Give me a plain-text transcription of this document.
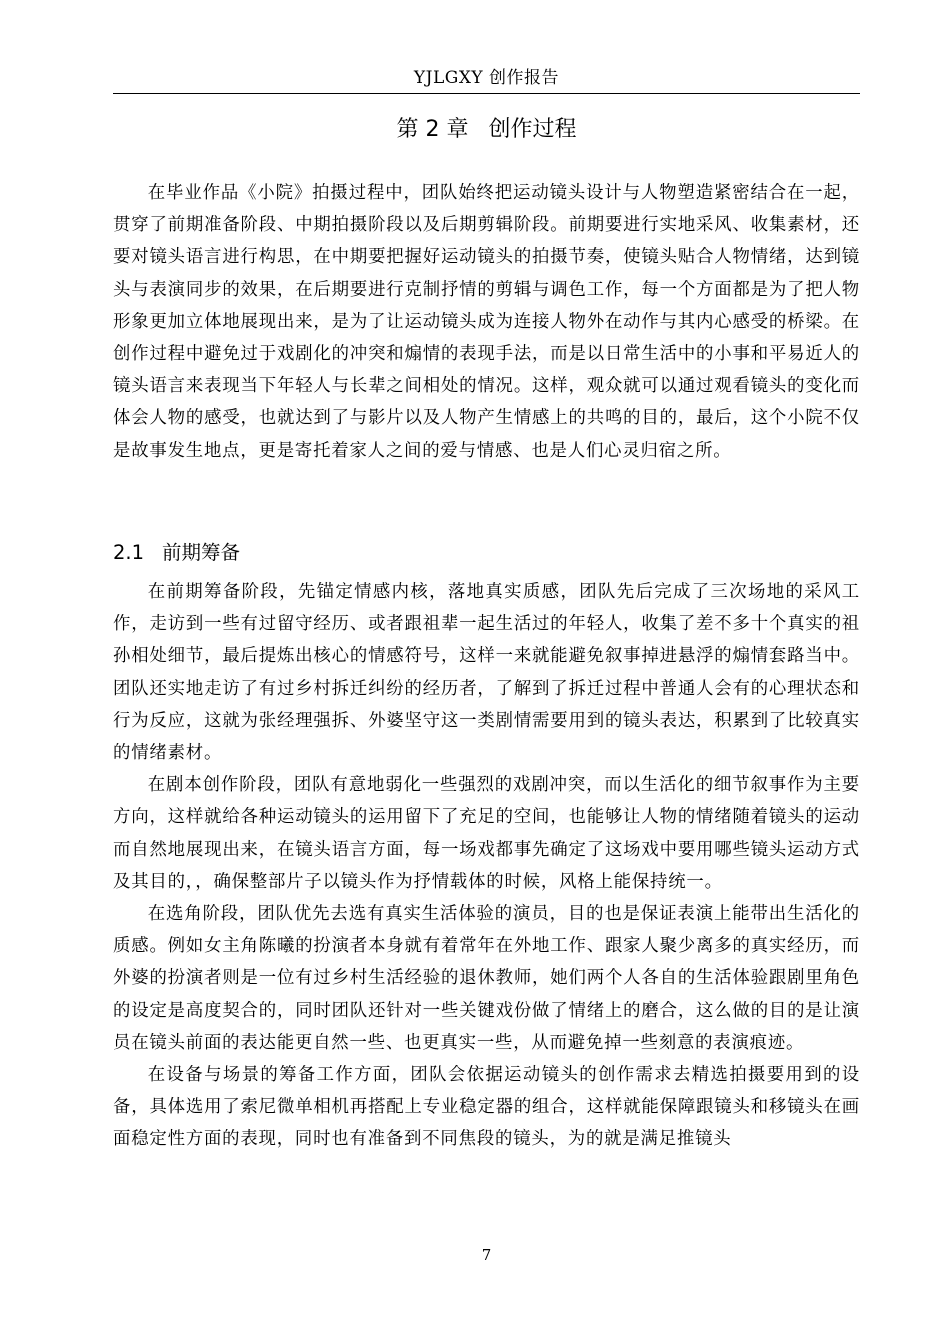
YJLGXY 创作报告
第 2 章 创作过程

在毕业作品《小院》拍摄过程中，团队始终把运动镜头设计与人物塑造紧密结合在一起，贯穿了前期准备阶段、中期拍摄阶段以及后期剪辑阶段。前期要进行实地采风、收集素材，还要对镜头语言进行构思，在中期要把握好运动镜头的拍摄节奏，使镜头贴合人物情绪，达到镜头与表演同步的效果，在后期要进行克制抒情的剪辑与调色工作，每一个方面都是为了把人物形象更加立体地展现出来，是为了让运动镜头成为连接人物外在动作与其内心感受的桥梁。在创作过程中避免过于戏剧化的冲突和煽情的表现手法，而是以日常生活中的小事和平易近人的镜头语言来表现当下年轻人与长辈之间相处的情况。这样，观众就可以通过观看镜头的变化而体会人物的感受，也就达到了与影片以及人物产生情感上的共鸣的目的，最后，这个小院不仅是故事发生地点，更是寄托着家人之间的爱与情感、也是人们心灵归宿之所。

2.1 前期筹备

在前期筹备阶段，先锚定情感内核，落地真实质感，团队先后完成了三次场地的采风工作，走访到一些有过留守经历、或者跟祖辈一起生活过的年轻人，收集了差不多十个真实的祖孙相处细节，最后提炼出核心的情感符号，这样一来就能避免叙事掉进悬浮的煽情套路当中。团队还实地走访了有过乡村拆迁纠纷的经历者，了解到了拆迁过程中普通人会有的心理状态和行为反应，这就为张经理强拆、外婆坚守这一类剧情需要用到的镜头表达，积累到了比较真实的情绪素材。

在剧本创作阶段，团队有意地弱化一些强烈的戏剧冲突，而以生活化的细节叙事作为主要方向，这样就给各种运动镜头的运用留下了充足的空间，也能够让人物的情绪随着镜头的运动而自然地展现出来，在镜头语言方面，每一场戏都事先确定了这场戏中要用哪些镜头运动方式及其目的，，确保整部片子以镜头作为抒情载体的时候，风格上能保持统一。

在选角阶段，团队优先去选有真实生活体验的演员，目的也是保证表演上能带出生活化的质感。例如女主角陈曦的扮演者本身就有着常年在外地工作、跟家人聚少离多的真实经历，而外婆的扮演者则是一位有过乡村生活经验的退休教师，她们两个人各自的生活体验跟剧里角色的设定是高度契合的，同时团队还针对一些关键戏份做了情绪上的磨合，这么做的目的是让演员在镜头前面的表达能更自然一些、也更真实一些，从而避免掉一些刻意的表演痕迹。

在设备与场景的筹备工作方面，团队会依据运动镜头的创作需求去精选拍摄要用到的设备，具体选用了索尼微单相机再搭配上专业稳定器的组合，这样就能保障跟镜头和移镜头在画面稳定性方面的表现，同时也有准备到不同焦段的镜头，为的就是满足推镜头

7
